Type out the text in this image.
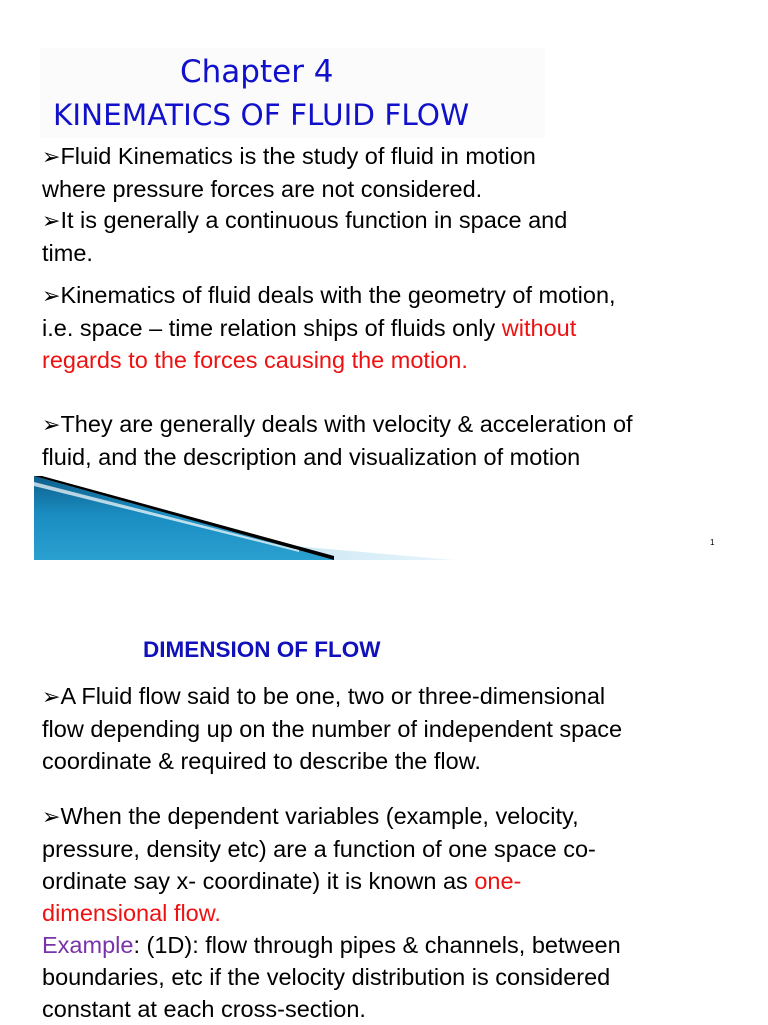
Chapter 4
KINEMATICS OF FLUID FLOW
➢Fluid Kinematics is the study of fluid in motion
where pressure forces are not considered.
➢It is generally a continuous function in space and
time.
➢Kinematics of fluid deals with the geometry of motion,
i.e. space – time relation ships of fluids only without
regards to the forces causing the motion.
➢They are generally deals with velocity & acceleration of
fluid, and the description and visualization of motion
1
DIMENSION OF FLOW
➢A Fluid flow said to be one, two or three-dimensional
flow depending up on the number of independent space
coordinate & required to describe the flow.
➢When the dependent variables (example, velocity,
pressure, density etc) are a function of one space co-
ordinate say x- coordinate) it is known as one-
dimensional flow.
Example: (1D): flow through pipes & channels, between
boundaries, etc if the velocity distribution is considered
constant at each cross-section.
